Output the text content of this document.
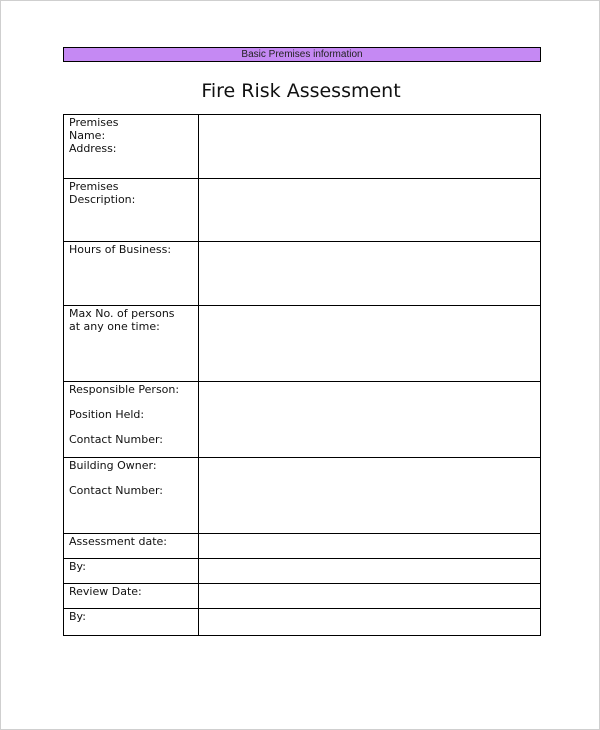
Basic Premises information
Fire Risk Assessment
Premises
Name:
Address:	

Premises
Description:	

Hours of Business:	

Max No. of persons
at any one time:	

Responsible Person:
Position Held:
Contact Number:	

Building Owner:
Contact Number:	

Assessment date:	

By:	

Review Date:	

By:	
